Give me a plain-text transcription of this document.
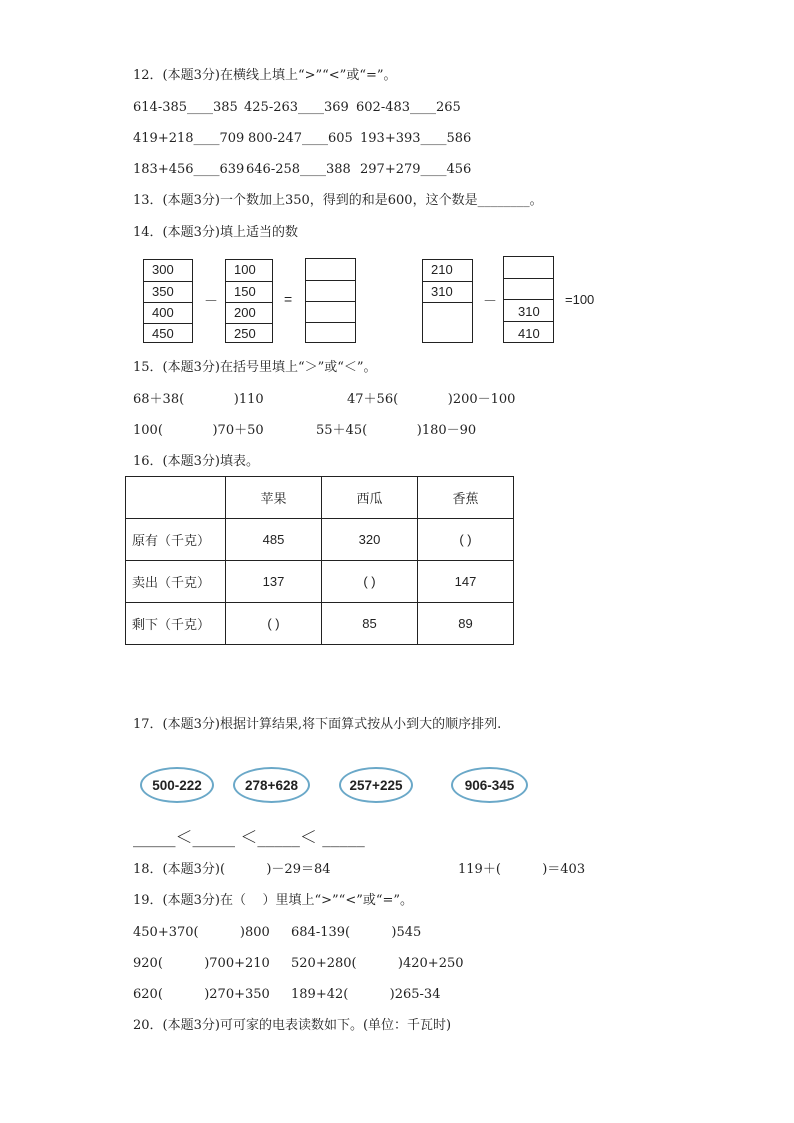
12．(本题3分)在横线上填上“>”“<”或“=”。
614-385____385 425-263____369 602-483____265
419+218____709 800-247____605 193+393____586
183+456____639 646-258____388 297+279____456
13．(本题3分)一个数加上350，得到的和是600，这个数是________。
14．(本题3分)填上适当的数
300
350
400
450
－
100
150
200
250
=
210
310
－
310
410
=100
15．(本题3分)在括号里填上“＞”或“＜”。
68＋38(            )110	47＋56(            )200－100
100(            )70＋50	55＋45(            )180－90
16．(本题3分)填表。
	苹果	西瓜	香蕉
原有（千克）	485	320	( )
卖出（千克）	137	( )	147
剩下（千克）	( )	85	89
17．(本题3分)根据计算结果,将下面算式按从小到大的顺序排列.
500-222	278+628	257+225	906-345
_____＜_____ ＜_____＜ _____
18．(本题3分)(          )－29＝84	119＋(          )＝403
19．(本题3分)在（    ）里填上“>”“<”或“=”。
450+370(          )800 684-139(          )545
920(          )700+210 520+280(          )420+250
620(          )270+350 189+42(          )265-34
20．(本题3分)可可家的电表读数如下。(单位：千瓦时)
